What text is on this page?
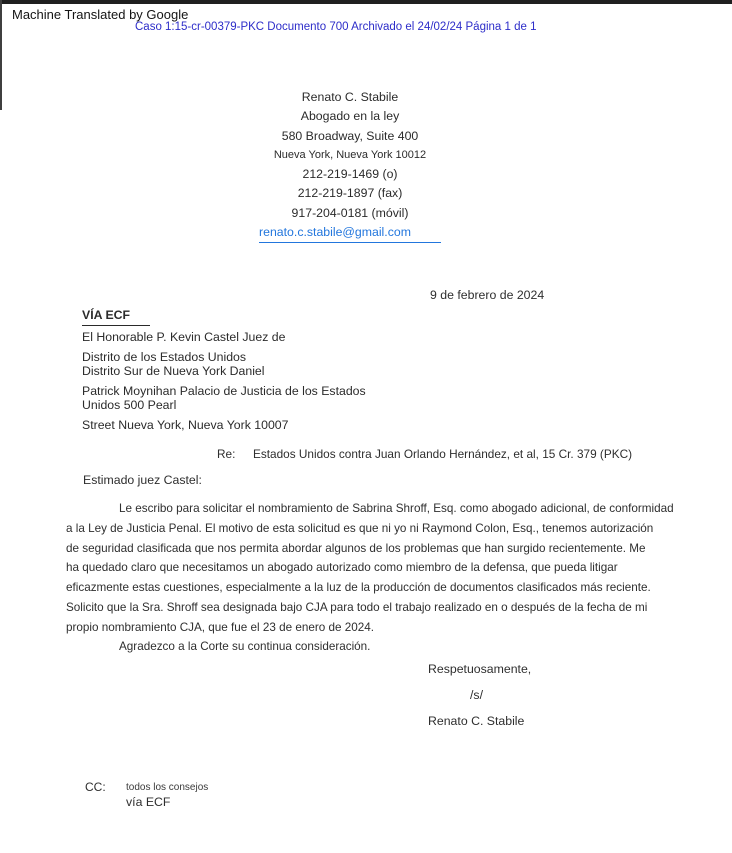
Machine Translated by Google
Caso 1:15-cr-00379-PKC Documento 700 Archivado el 24/02/24 Página 1 de 1
Renato C. Stabile
Abogado en la ley
580 Broadway, Suite 400
Nueva York, Nueva York 10012
212-219-1469 (o)
212-219-1897 (fax)
917-204-0181 (móvil)
renato.c.stabile@gmail.com
9 de febrero de 2024
VÍA ECF
El Honorable P. Kevin Castel Juez de
Distrito de los Estados Unidos
Distrito Sur de Nueva York Daniel
Patrick Moynihan Palacio de Justicia de los Estados
Unidos 500 Pearl
Street Nueva York, Nueva York 10007
Re: Estados Unidos contra Juan Orlando Hernández, et al, 15 Cr. 379 (PKC)
Estimado juez Castel:
Le escribo para solicitar el nombramiento de Sabrina Shroff, Esq. como abogado adicional, de conformidad
a la Ley de Justicia Penal. El motivo de esta solicitud es que ni yo ni Raymond Colon, Esq., tenemos autorización
de seguridad clasificada que nos permita abordar algunos de los problemas que han surgido recientemente. Me
ha quedado claro que necesitamos un abogado autorizado como miembro de la defensa, que pueda litigar
eficazmente estas cuestiones, especialmente a la luz de la producción de documentos clasificados más reciente.
Solicito que la Sra. Shroff sea designada bajo CJA para todo el trabajo realizado en o después de la fecha de mi
propio nombramiento CJA, que fue el 23 de enero de 2024.
Agradezco a la Corte su continua consideración.
Respetuosamente,
/s/
Renato C. Stabile
CC: todos los consejos
vía ECF
